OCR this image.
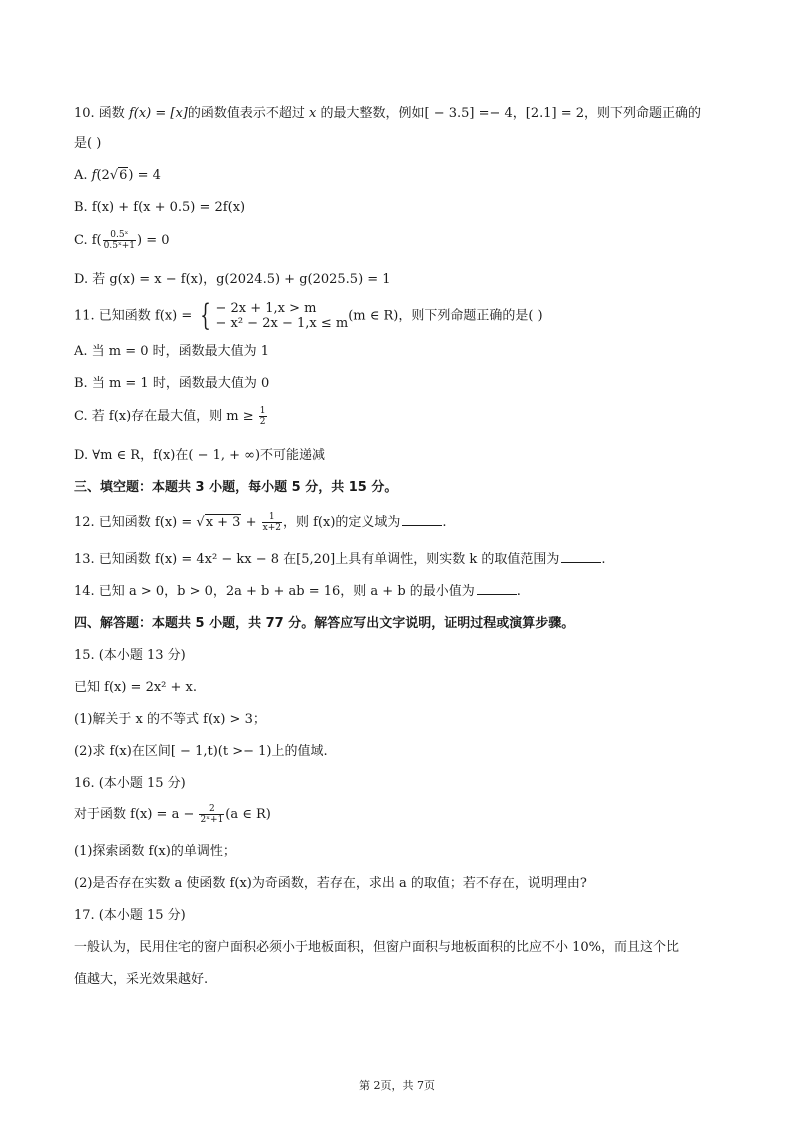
10. 函数 f(x) = [x]的函数值表示不超过 x 的最大整数，例如[ − 3.5] =− 4，[2.1] = 2，则下列命题正确的
是( )
A. f(2√6) = 4
B. f(x) + f(x + 0.5) = 2f(x)
C. $f( \frac{\text{0.5ˣ}}{\text{0.5ˣ+1}}$ ) = 0
D. 若 g(x) = x − f(x)，g(2024.5) + g(2025.5) = 1
11. 已知函数 f(x) = { − 2x + 1,x > m
− x² − 2x − 1,x ≤ m (m ∈ R)，则下列命题正确的是( )
A. 当 m = 0 时，函数最大值为 1
B. 当 m = 1 时，函数最大值为 0
C. 若 f(x)存在最大值，则 $m \ge \frac{1}{2}$
D. ∀m ∈ R，f(x)在( − 1, + ∞)不可能递减
三、填空题：本题共 3 小题，每小题 5 分，共 15 分。
12. 已知函数 $f(x) = √x + 3 + \frac{1}{x+2}$ ，则 f(x)的定义域为	.
13. 已知函数 f(x) = 4x² − kx − 8 在[5,20]上具有单调性，则实数 k 的取值范围为	.
14. 已知 a > 0，b > 0，2a + b + ab = 16，则 a + b 的最小值为	.
四、解答题：本题共 5 小题，共 77 分。解答应写出文字说明，证明过程或演算步骤。
15. (本小题 13 分)
已知 f(x) = 2x² + x.
(1)解关于 x 的不等式 f(x) > 3；
(2)求 f(x)在区间[ − 1,t)(t >− 1)上的值域.
16. (本小题 15 分)
对于函数 $f(x) = a - \frac{2}{\text{2ˣ+1}} (a$ ∈ R)
(1)探索函数 f(x)的单调性；
(2)是否存在实数 a 使函数 f(x)为奇函数，若存在，求出 a 的取值；若不存在，说明理由?
17. (本小题 15 分)
一般认为，民用住宅的窗户面积必须小于地板面积，但窗户面积与地板面积的比应不小 10%，而且这个比
值越大，采光效果越好.
第 2页，共 7页
